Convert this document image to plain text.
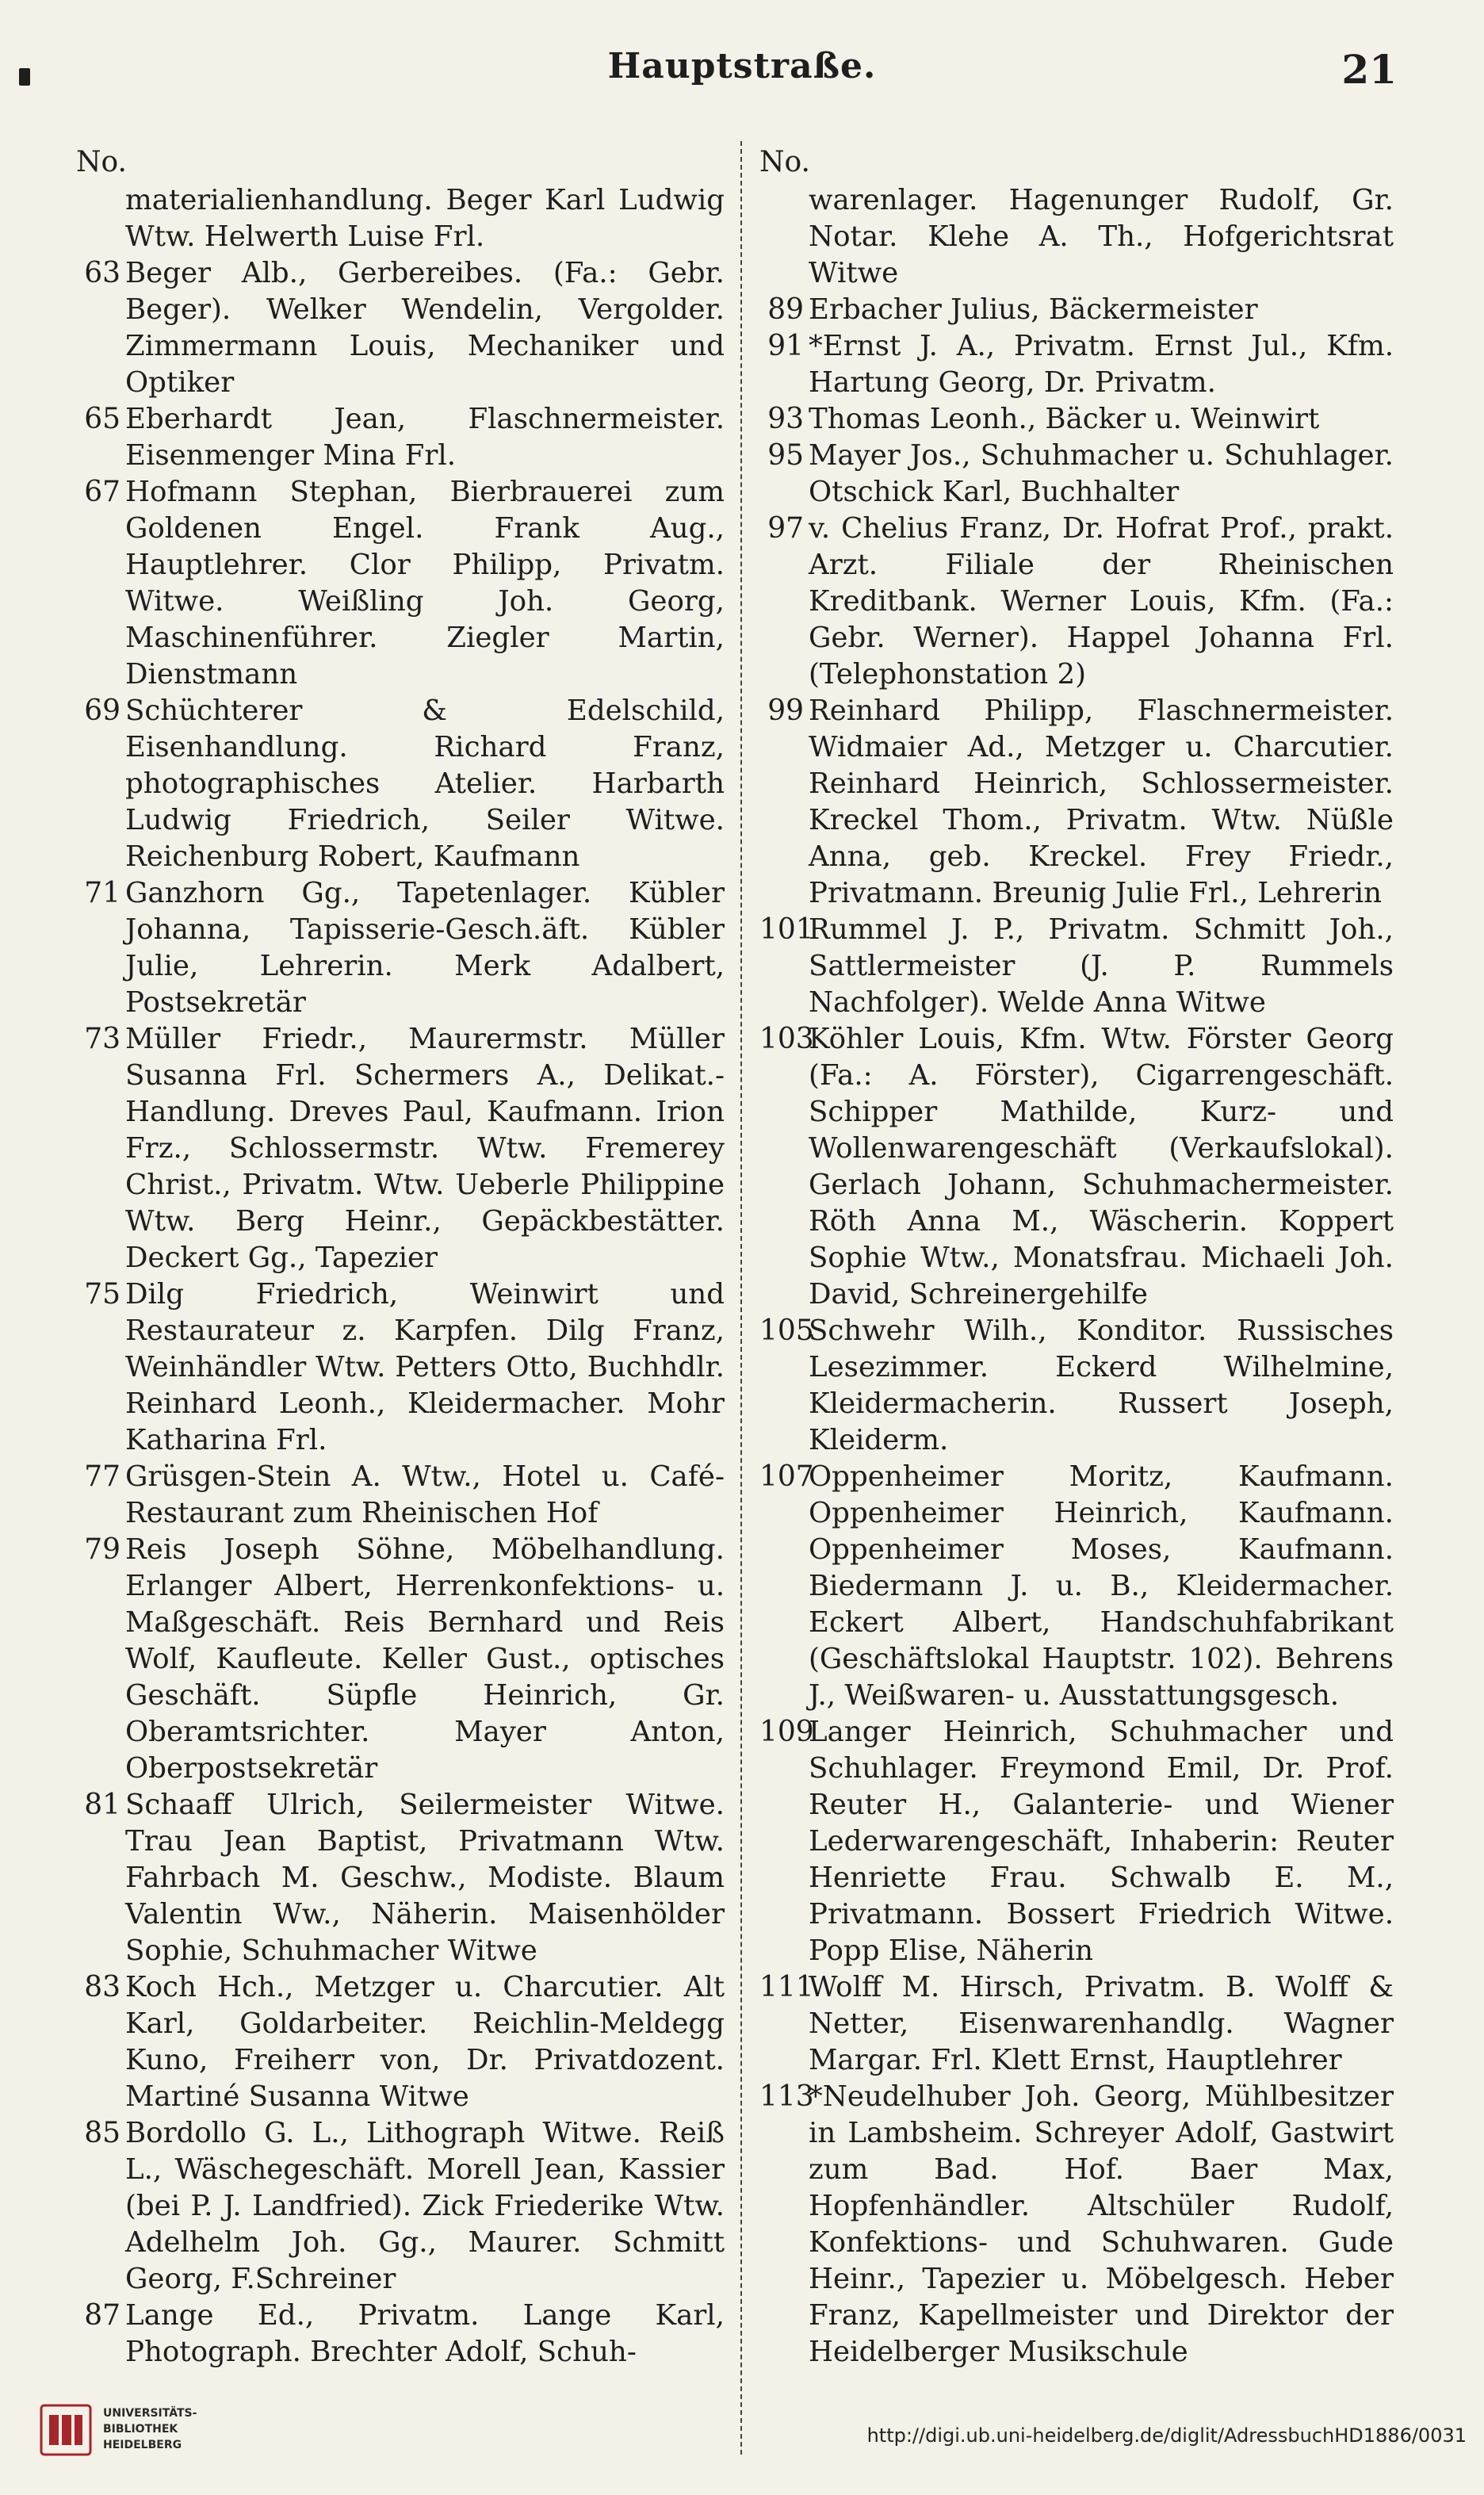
Hauptstraße.	21
No.
materialienhandlung. Beger Karl Ludwig Wtw. Helwerth Luise Frl.
63 Beger Alb., Gerbereibes. (Fa.: Gebr. Beger). Welker Wendelin, Vergolder. Zimmermann Louis, Mechaniker und Optiker
65 Eberhardt Jean, Flaschnermeister. Eisenmenger Mina Frl.
67 Hofmann Stephan, Bierbrauerei zum Goldenen Engel. Frank Aug., Hauptlehrer. Clor Philipp, Privatm. Witwe. Weißling Joh. Georg, Maschinenführer. Ziegler Martin, Dienstmann
69 Schüchterer & Edelschild, Eisenhandlung. Richard Franz, photographisches Atelier. Harbarth Ludwig Friedrich, Seiler Witwe. Reichenburg Robert, Kaufmann
71 Ganzhorn Gg., Tapetenlager. Kübler Johanna, Tapisserie-Gesch.äft. Kübler Julie, Lehrerin. Merk Adalbert, Postsekretär
73 Müller Friedr., Maurermstr. Müller Susanna Frl. Schermers A., Delikat.-Handlung. Dreves Paul, Kaufmann. Irion Frz., Schlossermstr. Wtw. Fremerey Christ., Privatm. Wtw. Ueberle Philippine Wtw. Berg Heinr., Gepäckbestätter. Deckert Gg., Tapezier
75 Dilg Friedrich, Weinwirt und Restaurateur z. Karpfen. Dilg Franz, Weinhändler Wtw. Petters Otto, Buchhdlr. Reinhard Leonh., Kleidermacher. Mohr Katharina Frl.
77 Grüsgen-Stein A. Wtw., Hotel u. Café-Restaurant zum Rheinischen Hof
79 Reis Joseph Söhne, Möbelhandlung. Erlanger Albert, Herrenkonfektions- u. Maßgeschäft. Reis Bernhard und Reis Wolf, Kaufleute. Keller Gust., optisches Geschäft. Süpfle Heinrich, Gr. Oberamtsrichter. Mayer Anton, Oberpostsekretär
81 Schaaff Ulrich, Seilermeister Witwe. Trau Jean Baptist, Privatmann Wtw. Fahrbach M. Geschw., Modiste. Blaum Valentin Ww., Näherin. Maisenhölder Sophie, Schuhmacher Witwe
83 Koch Hch., Metzger u. Charcutier. Alt Karl, Goldarbeiter. Reichlin-Meldegg Kuno, Freiherr von, Dr. Privatdozent. Martiné Susanna Witwe
85 Bordollo G. L., Lithograph Witwe. Reiß L., Wäschegeschäft. Morell Jean, Kassier (bei P. J. Landfried). Zick Friederike Wtw. Adelhelm Joh. Gg., Maurer. Schmitt Georg, F.Schreiner
87 Lange Ed., Privatm. Lange Karl, Photograph. Brechter Adolf, Schuh-
No.
warenlager. Hagenunger Rudolf, Gr. Notar. Klehe A. Th., Hofgerichtsrat Witwe
89 Erbacher Julius, Bäckermeister
91 *Ernst J. A., Privatm. Ernst Jul., Kfm. Hartung Georg, Dr. Privatm.
93 Thomas Leonh., Bäcker u. Weinwirt
95 Mayer Jos., Schuhmacher u. Schuhlager. Otschick Karl, Buchhalter
97 v. Chelius Franz, Dr. Hofrat Prof., prakt. Arzt. Filiale der Rheinischen Kreditbank. Werner Louis, Kfm. (Fa.: Gebr. Werner). Happel Johanna Frl. (Telephonstation 2)
99 Reinhard Philipp, Flaschnermeister. Widmaier Ad., Metzger u. Charcutier. Reinhard Heinrich, Schlossermeister. Kreckel Thom., Privatm. Wtw. Nüßle Anna, geb. Kreckel. Frey Friedr., Privatmann. Breunig Julie Frl., Lehrerin
101
Rummel J. P., Privatm. Schmitt Joh., Sattlermeister (J. P. Rummels Nachfolger). Welde Anna Witwe
103
Köhler Louis, Kfm. Wtw. Förster Georg (Fa.: A. Förster), Cigarrengeschäft. Schipper Mathilde, Kurz- und Wollenwarengeschäft (Verkaufslokal). Gerlach Johann, Schuhmachermeister. Röth Anna M., Wäscherin. Koppert Sophie Wtw., Monatsfrau. Michaeli Joh. David, Schreinergehilfe
105
Schwehr Wilh., Konditor. Russisches Lesezimmer. Eckerd Wilhelmine, Kleidermacherin. Russert Joseph, Kleiderm.
107
Oppenheimer Moritz, Kaufmann. Oppenheimer Heinrich, Kaufmann. Oppenheimer Moses, Kaufmann. Biedermann J. u. B., Kleidermacher. Eckert Albert, Handschuhfabrikant (Geschäftslokal Hauptstr. 102). Behrens J., Weißwaren- u. Ausstattungsgesch.
109
Langer Heinrich, Schuhmacher und Schuhlager. Freymond Emil, Dr. Prof. Reuter H., Galanterie- und Wiener Lederwarengeschäft, Inhaberin: Reuter Henriette Frau. Schwalb E. M., Privatmann. Bossert Friedrich Witwe. Popp Elise, Näherin
111
Wolff M. Hirsch, Privatm. B. Wolff & Netter, Eisenwarenhandlg. Wagner Margar. Frl. Klett Ernst, Hauptlehrer
113
*Neudelhuber Joh. Georg, Mühlbesitzer in Lambsheim. Schreyer Adolf, Gastwirt zum Bad. Hof. Baer Max, Hopfenhändler. Altschüler Rudolf, Konfektions- und Schuhwaren. Gude Heinr., Tapezier u. Möbelgesch. Heber Franz, Kapellmeister und Direktor der Heidelberger Musikschule
UNIVERSITÄTS-
BIBLIOTHEK
HEIDELBERG	http://digi.ub.uni-heidelberg.de/diglit/AdressbuchHD1886/0031
